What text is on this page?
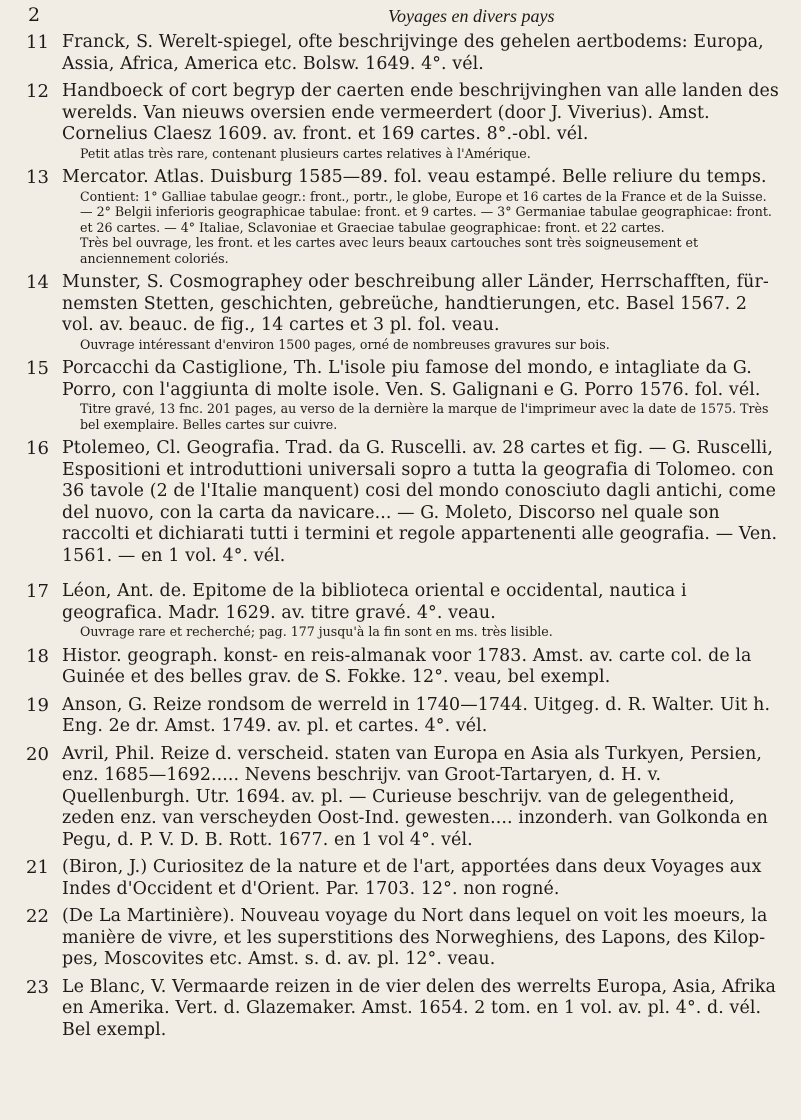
2	Voyages en divers pays
11 Franck, S. Werelt-spiegel, ofte beschrijvinge des gehelen aertbodems: Europa, Assia, Africa, America etc. Bolsw. 1649. 4°. vél.
12 Handboeck of cort begryp der caerten ende beschrijvinghen van alle landen des werelds. Van nieuws oversien ende vermeerdert (door J. Viverius). Amst. Cornelius Claesz 1609. av. front. et 169 cartes. 8°.-obl. vél.
Petit atlas très rare, contenant plusieurs cartes relatives à l'Amérique.
13 Mercator. Atlas. Duisburg 1585—89. fol. veau estampé. Belle reliure du temps.
Contient: 1° Galliae tabulae geogr.: front., portr., le globe, Europe et 16 cartes de la France et de la Suisse. — 2° Belgii inferioris geographicae tabulae: front. et 9 cartes. — 3° Germaniae tabulae geographicae: front. et 26 cartes. — 4° Italiae, Sclavoniae et Graeciae tabulae geographicae: front. et 22 cartes.
Très bel ouvrage, les front. et les cartes avec leurs beaux cartouches sont très soigneusement et anciennement coloriés.
14 Munster, S. Cosmographey oder beschreibung aller Länder, Herrschafften, für-nemsten Stetten, geschichten, gebreüche, handtierungen, etc. Basel 1567. 2 vol. av. beauc. de fig., 14 cartes et 3 pl. fol. veau.
Ouvrage intéressant d'environ 1500 pages, orné de nombreuses gravures sur bois.
15 Porcacchi da Castiglione, Th. L'isole piu famose del mondo, e intagliate da G. Porro, con l'aggiunta di molte isole. Ven. S. Galignani e G. Porro 1576. fol. vél.
Titre gravé, 13 fnc. 201 pages, au verso de la dernière la marque de l'imprimeur avec la date de 1575. Très bel exemplaire. Belles cartes sur cuivre.
16 Ptolemeo, Cl. Geografia. Trad. da G. Ruscelli. av. 28 cartes et fig. — G. Ruscelli, Espositioni et introduttioni universali sopro a tutta la geografia di Tolomeo. con 36 tavole (2 de l'Italie manquent) cosi del mondo conosciuto dagli antichi, come del nuovo, con la carta da navicare... — G. Moleto, Discorso nel quale son raccolti et dichiarati tutti i termini et regole appartenenti alle geografia. — Ven. 1561. — en 1 vol. 4°. vél.
17 Léon, Ant. de. Epitome de la biblioteca oriental e occidental, nautica i geografica. Madr. 1629. av. titre gravé. 4°. veau.
Ouvrage rare et recherché; pag. 177 jusqu'à la fin sont en ms. très lisible.
18 Histor. geograph. konst- en reis-almanak voor 1783. Amst. av. carte col. de la Guinée et des belles grav. de S. Fokke. 12°. veau, bel exempl.
19 Anson, G. Reize rondsom de werreld in 1740—1744. Uitgeg. d. R. Walter. Uit h. Eng. 2e dr. Amst. 1749. av. pl. et cartes. 4°. vél.
20 Avril, Phil. Reize d. verscheid. staten van Europa en Asia als Turkyen, Persien, enz. 1685—1692..... Nevens beschrijv. van Groot-Tartaryen, d. H. v. Quellenburgh. Utr. 1694. av. pl. — Curieuse beschrijv. van de gelegentheid, zeden enz. van verscheyden Oost-Ind. gewesten.... inzonderh. van Golkonda en Pegu, d. P. V. D. B. Rott. 1677. en 1 vol 4°. vél.
21 (Biron, J.) Curiositez de la nature et de l'art, apportées dans deux Voyages aux Indes d'Occident et d'Orient. Par. 1703. 12°. non rogné.
22 (De La Martinière). Nouveau voyage du Nort dans lequel on voit les moeurs, la manière de vivre, et les superstitions des Norweghiens, des Lapons, des Kilop-pes, Moscovites etc. Amst. s. d. av. pl. 12°. veau.
23 Le Blanc, V. Vermaarde reizen in de vier delen des werrelts Europa, Asia, Afrika en Amerika. Vert. d. Glazemaker. Amst. 1654. 2 tom. en 1 vol. av. pl. 4°. d. vél. Bel exempl.
